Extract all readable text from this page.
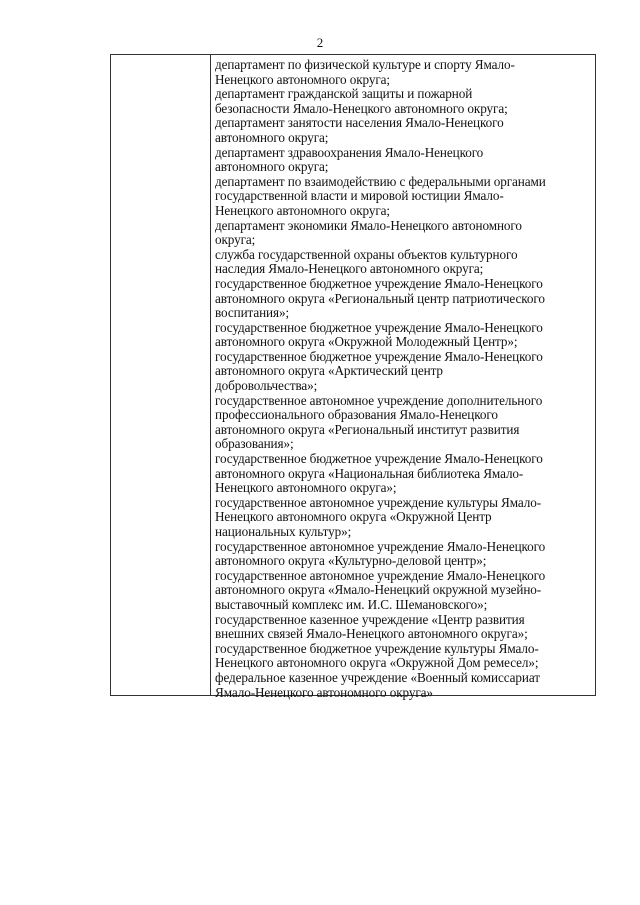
2

департамент по физической культуре и спорту Ямало-

Ненецкого автономного округа;

департамент гражданской защиты и пожарной

безопасности Ямало-Ненецкого автономного округа;

департамент занятости населения Ямало-Ненецкого

автономного округа;

департамент здравоохранения Ямало-Ненецкого

автономного округа;

департамент по взаимодействию с федеральными органами

государственной власти и мировой юстиции Ямало-

Ненецкого автономного округа;

департамент экономики Ямало-Ненецкого автономного

округа;

служба государственной охраны объектов культурного

наследия Ямало-Ненецкого автономного округа;

государственное бюджетное учреждение Ямало-Ненецкого

автономного округа «Региональный центр патриотического

воспитания»;

государственное бюджетное учреждение Ямало-Ненецкого

автономного округа «Окружной Молодежный Центр»;

государственное бюджетное учреждение Ямало-Ненецкого

автономного округа «Арктический центр

добровольчества»;

государственное автономное учреждение дополнительного

профессионального образования Ямало-Ненецкого

автономного округа «Региональный институт развития

образования»;

государственное бюджетное учреждение Ямало-Ненецкого

автономного округа «Национальная библиотека Ямало-

Ненецкого автономного округа»;

государственное автономное учреждение культуры Ямало-

Ненецкого автономного округа «Окружной Центр

национальных культур»;

государственное автономное учреждение Ямало-Ненецкого

автономного округа «Культурно-деловой центр»;

государственное автономное учреждение Ямало-Ненецкого

автономного округа «Ямало-Ненецкий окружной музейно-

выставочный комплекс им. И.С. Шемановского»;

государственное казенное учреждение «Центр развития

внешних связей Ямало-Ненецкого автономного округа»;

государственное бюджетное учреждение культуры Ямало-

Ненецкого автономного округа «Окружной Дом ремесел»;

федеральное казенное учреждение «Военный комиссариат

Ямало-Ненецкого автономного округа»
